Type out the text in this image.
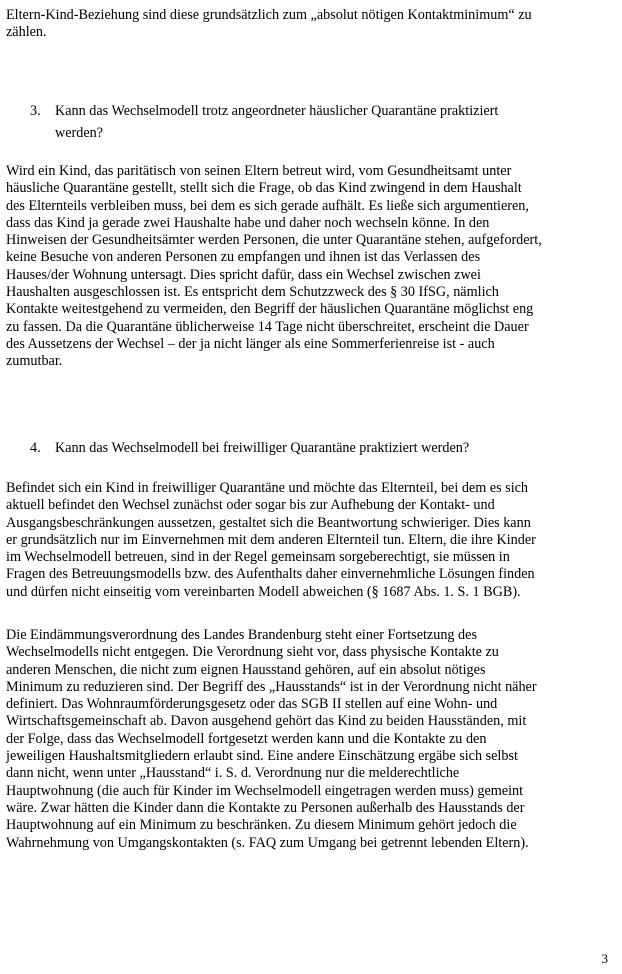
Eltern-Kind-Beziehung sind diese grundsätzlich zum „absolut nötigen Kontaktminimum“ zu
zählen.
3. Kann das Wechselmodell trotz angeordneter häuslicher Quarantäne praktiziert
werden?
Wird ein Kind, das paritätisch von seinen Eltern betreut wird, vom Gesundheitsamt unter
häusliche Quarantäne gestellt, stellt sich die Frage, ob das Kind zwingend in dem Haushalt
des Elternteils verbleiben muss, bei dem es sich gerade aufhält. Es ließe sich argumentieren,
dass das Kind ja gerade zwei Haushalte habe und daher noch wechseln könne. In den
Hinweisen der Gesundheitsämter werden Personen, die unter Quarantäne stehen, aufgefordert,
keine Besuche von anderen Personen zu empfangen und ihnen ist das Verlassen des
Hauses/der Wohnung untersagt. Dies spricht dafür, dass ein Wechsel zwischen zwei
Haushalten ausgeschlossen ist. Es entspricht dem Schutzzweck des § 30 IfSG, nämlich
Kontakte weitestgehend zu vermeiden, den Begriff der häuslichen Quarantäne möglichst eng
zu fassen. Da die Quarantäne üblicherweise 14 Tage nicht überschreitet, erscheint die Dauer
des Aussetzens der Wechsel – der ja nicht länger als eine Sommerferienreise ist - auch
zumutbar.
4. Kann das Wechselmodell bei freiwilliger Quarantäne praktiziert werden?
Befindet sich ein Kind in freiwilliger Quarantäne und möchte das Elternteil, bei dem es sich
aktuell befindet den Wechsel zunächst oder sogar bis zur Aufhebung der Kontakt- und
Ausgangsbeschränkungen aussetzen, gestaltet sich die Beantwortung schwieriger. Dies kann
er grundsätzlich nur im Einvernehmen mit dem anderen Elternteil tun. Eltern, die ihre Kinder
im Wechselmodell betreuen, sind in der Regel gemeinsam sorgeberechtigt, sie müssen in
Fragen des Betreuungsmodells bzw. des Aufenthalts daher einvernehmliche Lösungen finden
und dürfen nicht einseitig vom vereinbarten Modell abweichen (§ 1687 Abs. 1. S. 1 BGB).
Die Eindämmungsverordnung des Landes Brandenburg steht einer Fortsetzung des
Wechselmodells nicht entgegen. Die Verordnung sieht vor, dass physische Kontakte zu
anderen Menschen, die nicht zum eignen Hausstand gehören, auf ein absolut nötiges
Minimum zu reduzieren sind. Der Begriff des „Hausstands“ ist in der Verordnung nicht näher
definiert. Das Wohnraumförderungsgesetz oder das SGB II stellen auf eine Wohn- und
Wirtschaftsgemeinschaft ab. Davon ausgehend gehört das Kind zu beiden Hausständen, mit
der Folge, dass das Wechselmodell fortgesetzt werden kann und die Kontakte zu den
jeweiligen Haushaltsmitgliedern erlaubt sind. Eine andere Einschätzung ergäbe sich selbst
dann nicht, wenn unter „Hausstand“ i. S. d. Verordnung nur die melderechtliche
Hauptwohnung (die auch für Kinder im Wechselmodell eingetragen werden muss) gemeint
wäre. Zwar hätten die Kinder dann die Kontakte zu Personen außerhalb des Hausstands der
Hauptwohnung auf ein Minimum zu beschränken. Zu diesem Minimum gehört jedoch die
Wahrnehmung von Umgangskontakten (s. FAQ zum Umgang bei getrennt lebenden Eltern).
3
